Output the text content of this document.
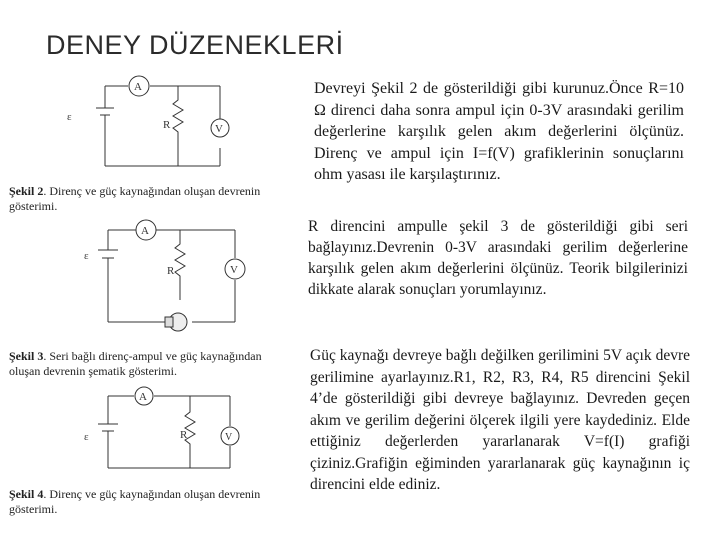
DENEY DÜZENEKLERİ
A
V
ε
R
Şekil 2. Direnç ve güç kaynağından oluşan devrenin gösterimi.
A
V
ε
R
Şekil 3. Seri bağlı direnç-ampul ve güç kaynağından oluşan devrenin şematik gösterimi.
A
V
ε	R
Şekil 4. Direnç ve güç kaynağından oluşan devrenin gösterimi.
Devreyi Şekil 2 de gösterildiği gibi kurunuz.Önce R=10 Ω direnci daha sonra ampul için 0-3V arasındaki gerilim değerlerine karşılık gelen akım değerlerini ölçünüz. Direnç ve ampul için I=f(V) grafiklerinin sonuçlarını ohm yasası ile karşılaştırınız.
R direncini ampulle şekil 3 de gösterildiği gibi seri bağlayınız.Devrenin 0-3V arasındaki gerilim değerlerine karşılık gelen akım değerlerini ölçünüz. Teorik bilgilerinizi dikkate alarak sonuçları yorumlayınız.
Güç kaynağı devreye bağlı değilken gerilimini 5V açık devre gerilimine ayarlayınız.R1, R2, R3, R4, R5 direncini Şekil 4’de gösterildiği gibi devreye bağlayınız. Devreden geçen akım ve gerilim değerini ölçerek ilgili yere kaydediniz. Elde ettiğiniz değerlerden yararlanarak V=f(I) grafiği çiziniz.Grafiğin eğiminden yararlanarak güç kaynağının iç direncini elde ediniz.
